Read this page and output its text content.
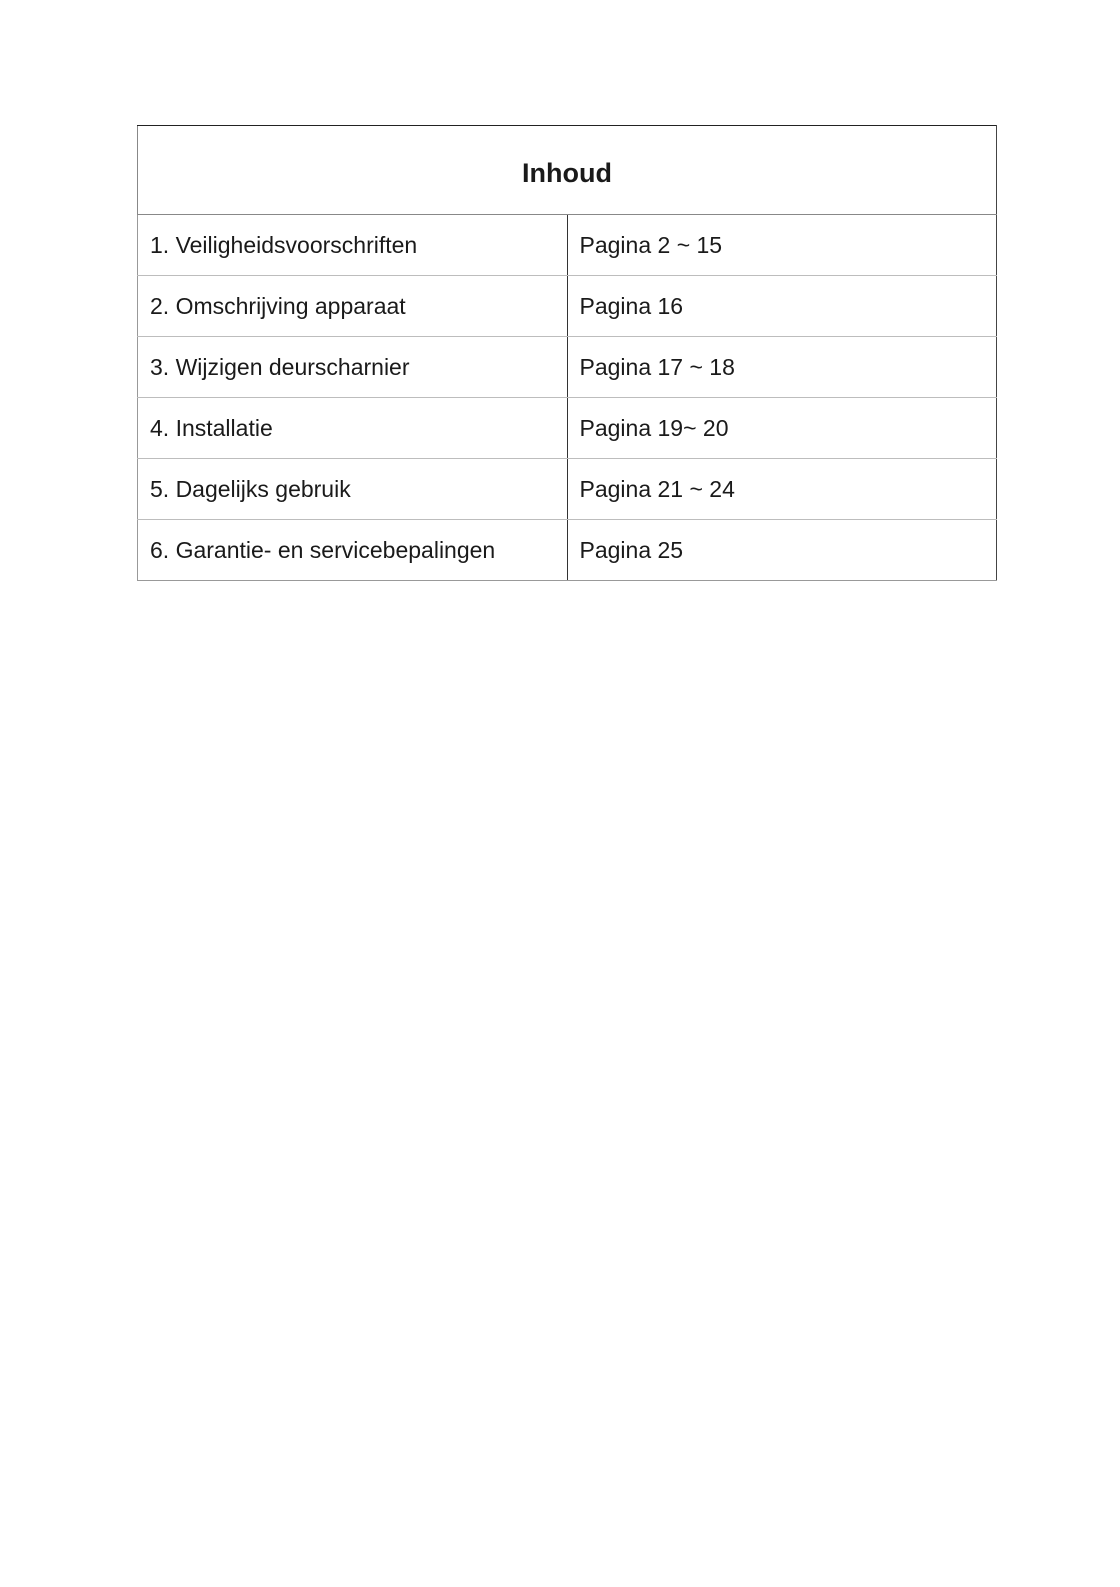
Inhoud	
1. Veiligheidsvoorschriften	Pagina 2 ~ 15
2. Omschrijving apparaat	Pagina 16
3. Wijzigen deurscharnier	Pagina 17 ~ 18
4. Installatie	Pagina 19~ 20
5. Dagelijks gebruik	Pagina 21 ~ 24
6. Garantie- en servicebepalingen	Pagina 25
